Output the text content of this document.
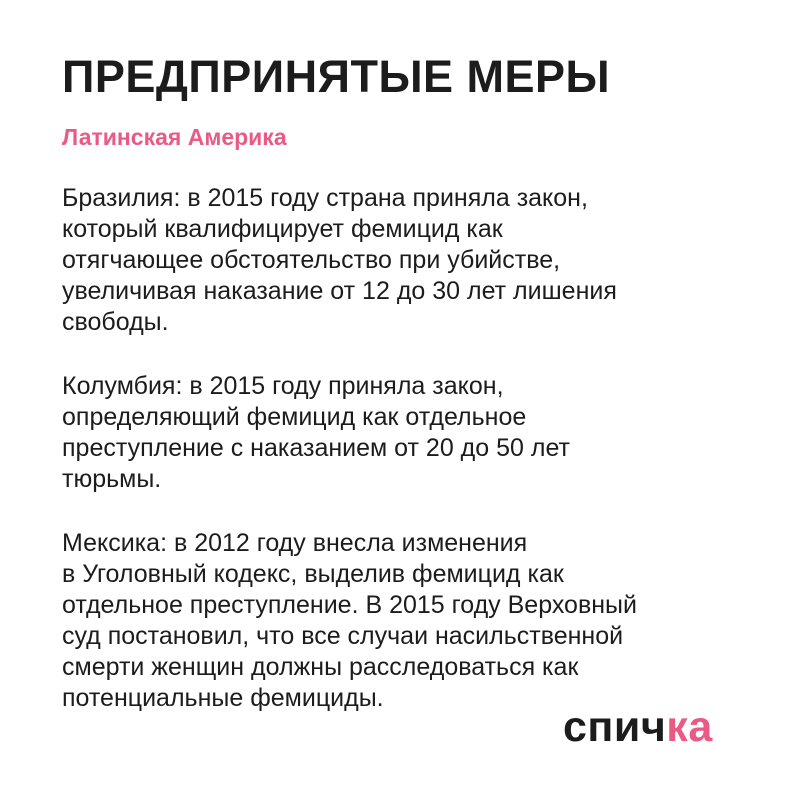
ПРЕДПРИНЯТЫЕ МЕРЫ
Латинская Америка

Бразилия: в 2015 году страна приняла закон,
который квалифицирует фемицид как
отягчающее обстоятельство при убийстве,
увеличивая наказание от 12 до 30 лет лишения
свободы.

Колумбия: в 2015 году приняла закон,
определяющий фемицид как отдельное
преступление с наказанием от 20 до 50 лет
тюрьмы.

Мексика: в 2012 году внесла изменения
в Уголовный кодекс, выделив фемицид как
отдельное преступление. В 2015 году Верховный
суд постановил, что все случаи насильственной
смерти женщин должны расследоваться как
потенциальные фемициды.

спичка
